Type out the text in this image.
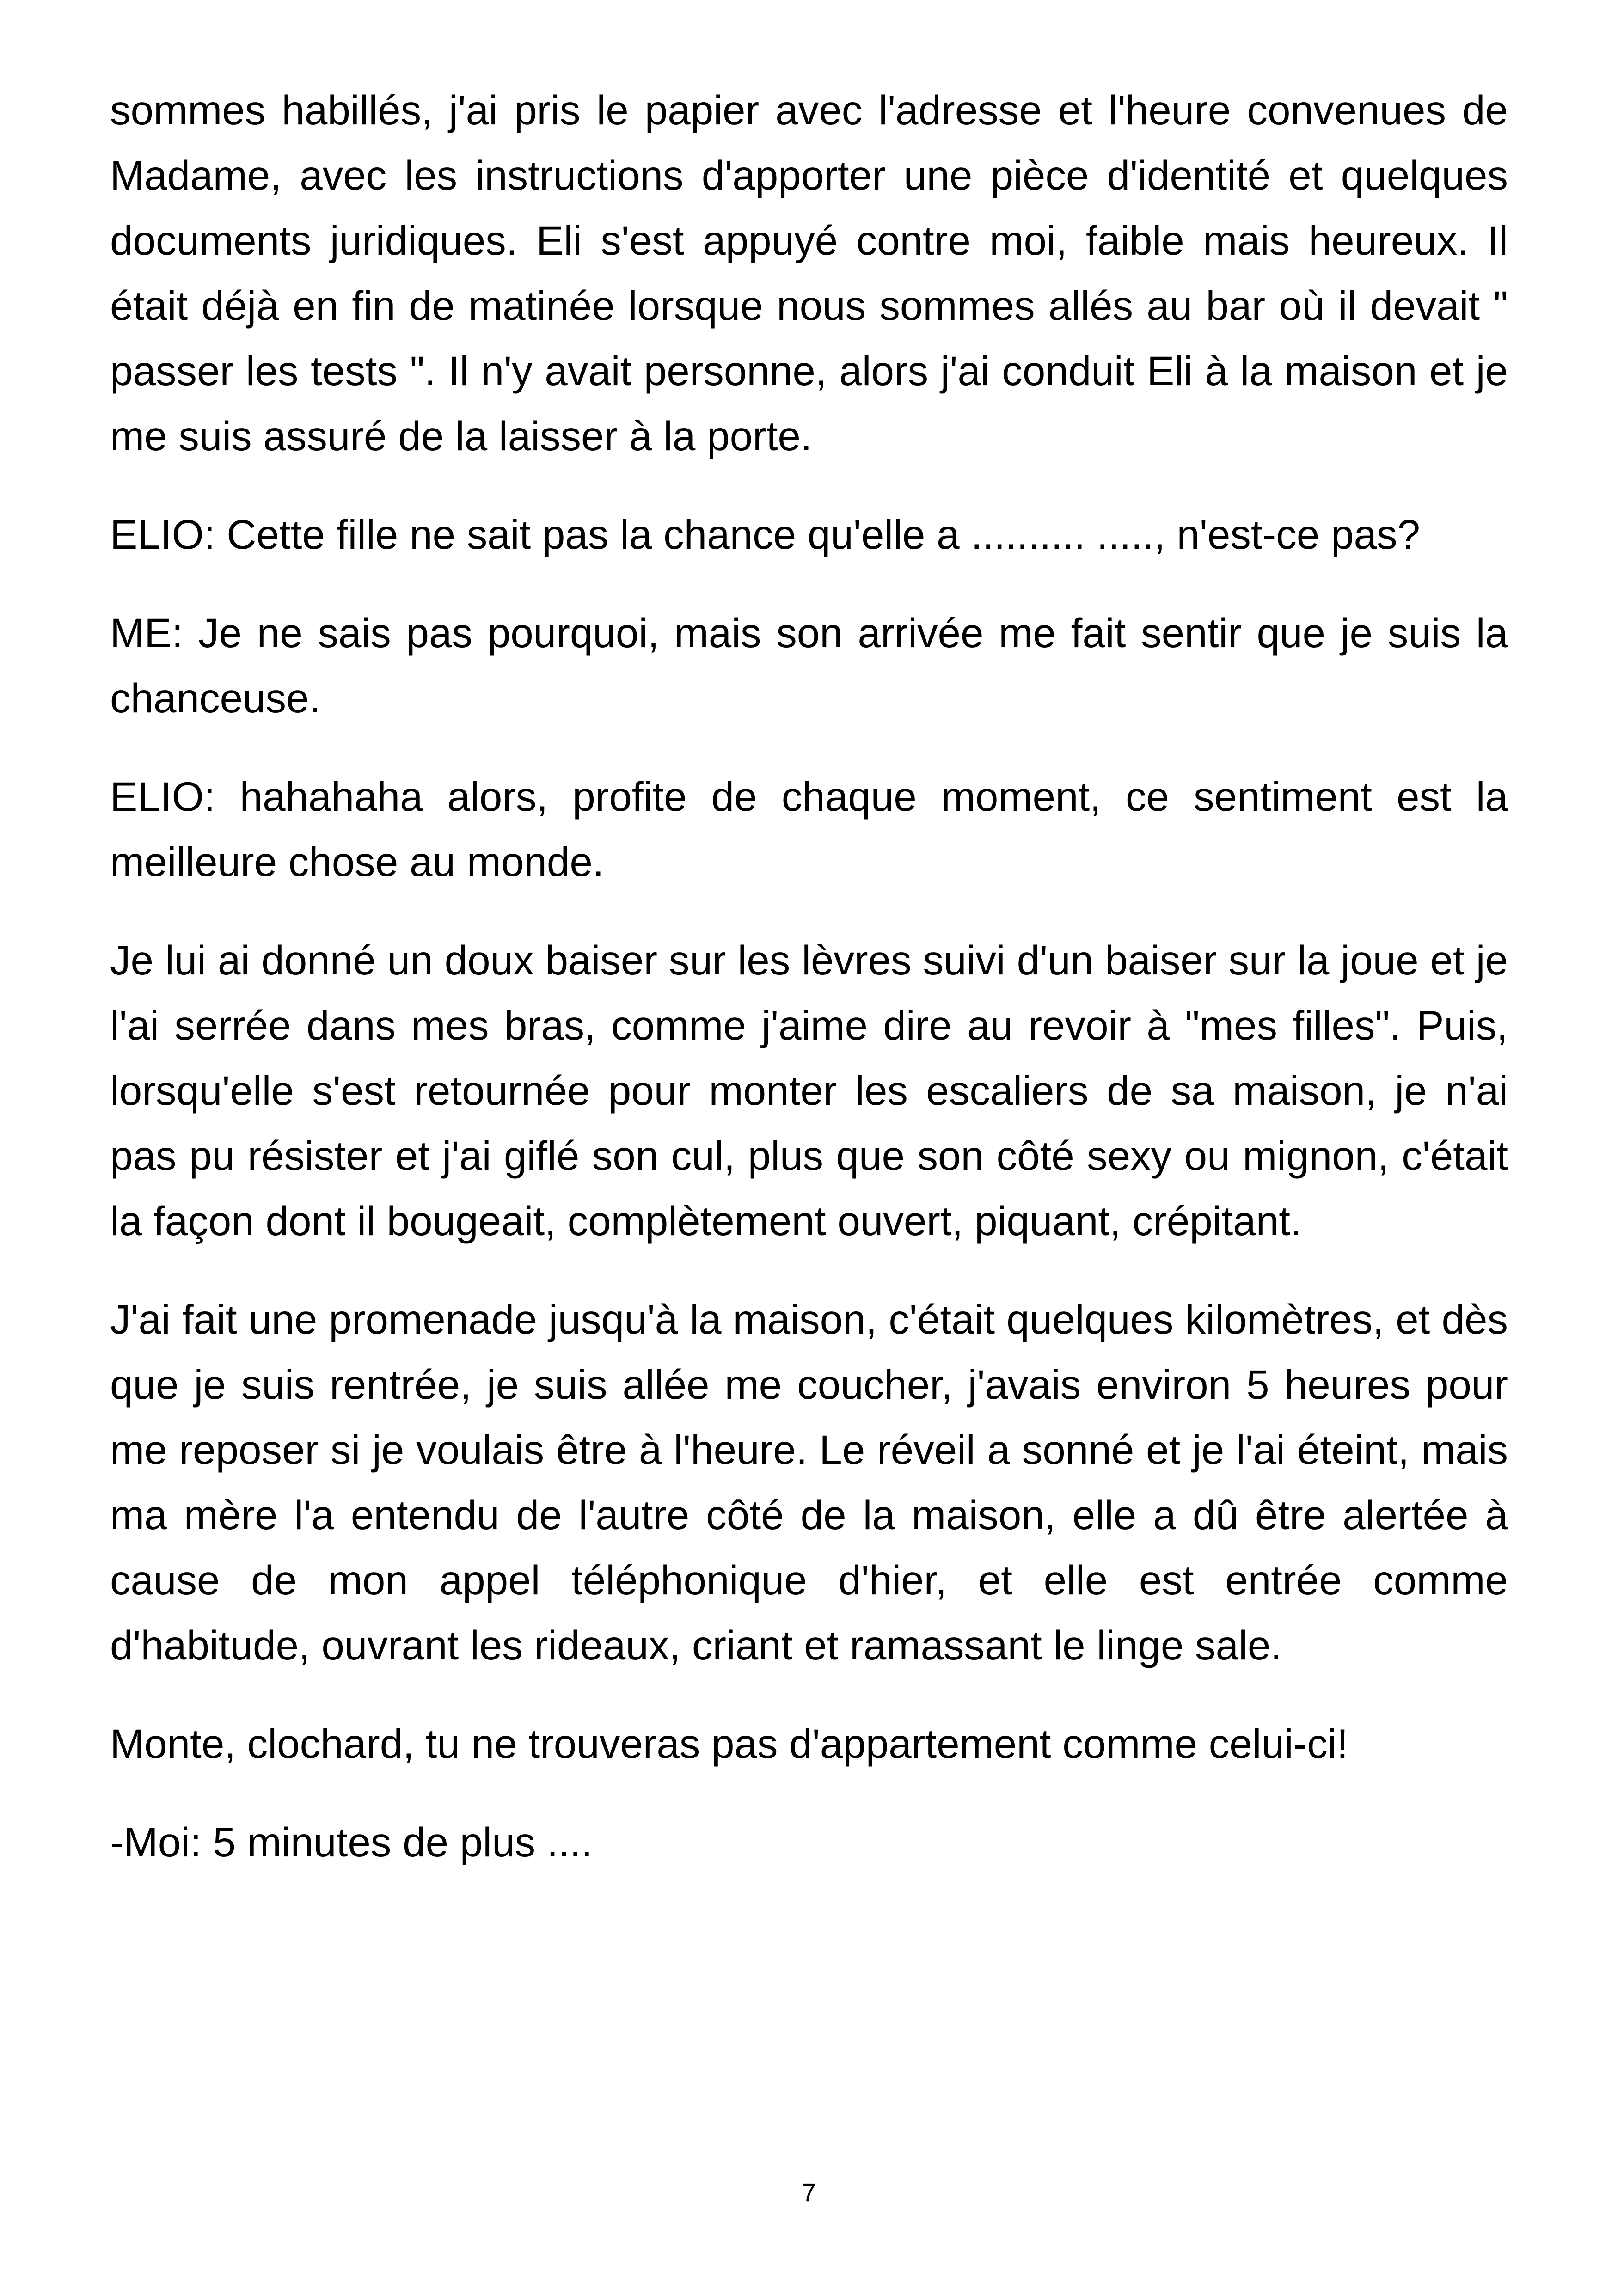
sommes habillés, j'ai pris le papier avec l'adresse et l'heure convenues de Madame, avec les instructions d'apporter une pièce d'identité et quelques documents juridiques. Eli s'est appuyé contre moi, faible mais heureux. Il était déjà en fin de matinée lorsque nous sommes allés au bar où il devait " passer les tests ". Il n'y avait personne, alors j'ai conduit Eli à la maison et je me suis assuré de la laisser à la porte.

ELIO: Cette fille ne sait pas la chance qu'elle a .......... ....., n'est-ce pas?

ME: Je ne sais pas pourquoi, mais son arrivée me fait sentir que je suis la chanceuse.

ELIO: hahahaha alors, profite de chaque moment, ce sentiment est la meilleure chose au monde.

Je lui ai donné un doux baiser sur les lèvres suivi d'un baiser sur la joue et je l'ai serrée dans mes bras, comme j'aime dire au revoir à "mes filles". Puis, lorsqu'elle s'est retournée pour monter les escaliers de sa maison, je n'ai pas pu résister et j'ai giflé son cul, plus que son côté sexy ou mignon, c'était la façon dont il bougeait, complètement ouvert, piquant, crépitant.

J'ai fait une promenade jusqu'à la maison, c'était quelques kilomètres, et dès que je suis rentrée, je suis allée me coucher, j'avais environ 5 heures pour me reposer si je voulais être à l'heure. Le réveil a sonné et je l'ai éteint, mais ma mère l'a entendu de l'autre côté de la maison, elle a dû être alertée à cause de mon appel téléphonique d'hier, et elle est entrée comme d'habitude, ouvrant les rideaux, criant et ramassant le linge sale.

Monte, clochard, tu ne trouveras pas d'appartement comme celui-ci!

-Moi: 5 minutes de plus ....

7
